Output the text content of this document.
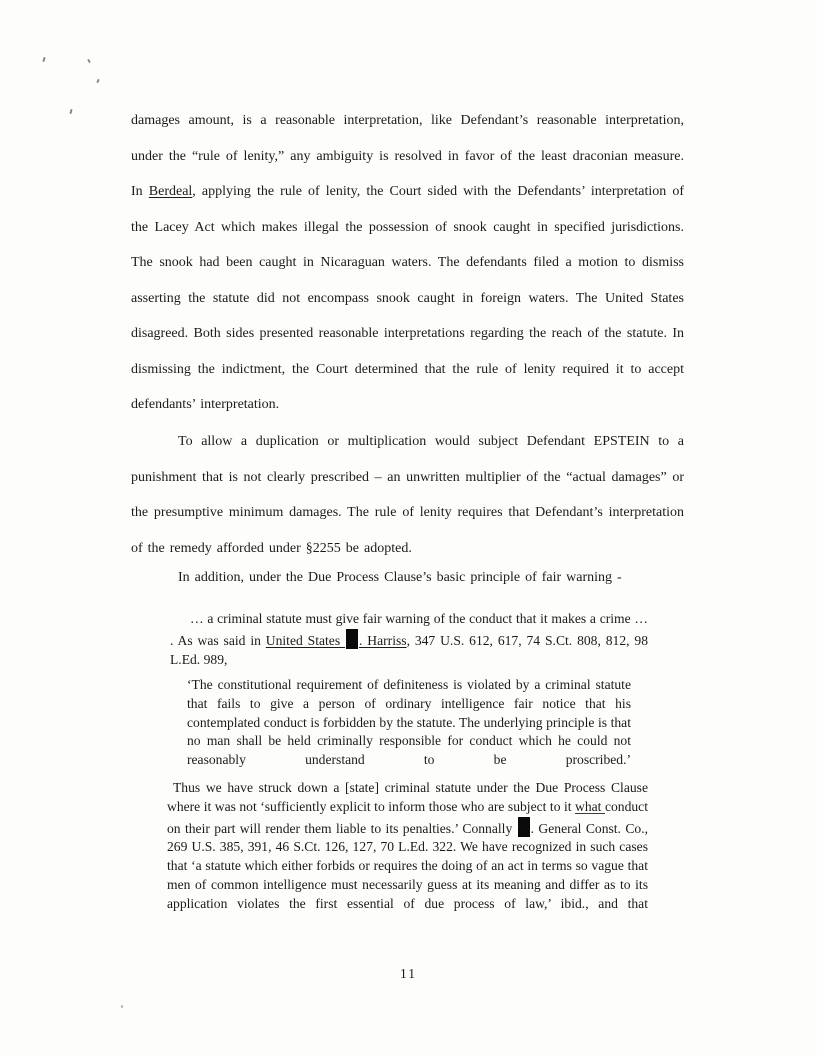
damages amount, is a reasonable interpretation, like Defendant’s reasonable interpretation, under the “rule of lenity,” any ambiguity is resolved in favor of the least draconian measure. In Berdeal, applying the rule of lenity, the Court sided with the Defendants’ interpretation of the Lacey Act which makes illegal the possession of snook caught in specified jurisdictions. The snook had been caught in Nicaraguan waters. The defendants filed a motion to dismiss asserting the statute did not encompass snook caught in foreign waters. The United States disagreed. Both sides presented reasonable interpretations regarding the reach of the statute. In dismissing the indictment, the Court determined that the rule of lenity required it to accept defendants’ interpretation.

To allow a duplication or multiplication would subject Defendant EPSTEIN to a punishment that is not clearly prescribed – an unwritten multiplier of the “actual damages” or the presumptive minimum damages. The rule of lenity requires that Defendant’s interpretation of the remedy afforded under §2255 be adopted.

In addition, under the Due Process Clause’s basic principle of fair warning -

… a criminal statute must give fair warning of the conduct that it makes a crime … . As was said in United States . Harriss, 347 U.S. 612, 617, 74 S.Ct. 808, 812, 98 L.Ed. 989,
‘The constitutional requirement of definiteness is violated by a criminal statute that fails to give a person of ordinary intelligence fair notice that his contemplated conduct is forbidden by the statute. The underlying principle is that no man shall be held criminally responsible for conduct which he could not reasonably understand to be proscribed.’
Thus we have struck down a [state] criminal statute under the Due Process Clause where it was not ‘sufficiently explicit to inform those who are subject to it what conduct on their part will render them liable to its penalties.’ Connally . General Const. Co., 269 U.S. 385, 391, 46 S.Ct. 126, 127, 70 L.Ed. 322. We have recognized in such cases that ‘a statute which either forbids or requires the doing of an act in terms so vague that men of common intelligence must necessarily guess at its meaning and differ as to its application violates the first essential of due process of law,’ ibid., and that
11
